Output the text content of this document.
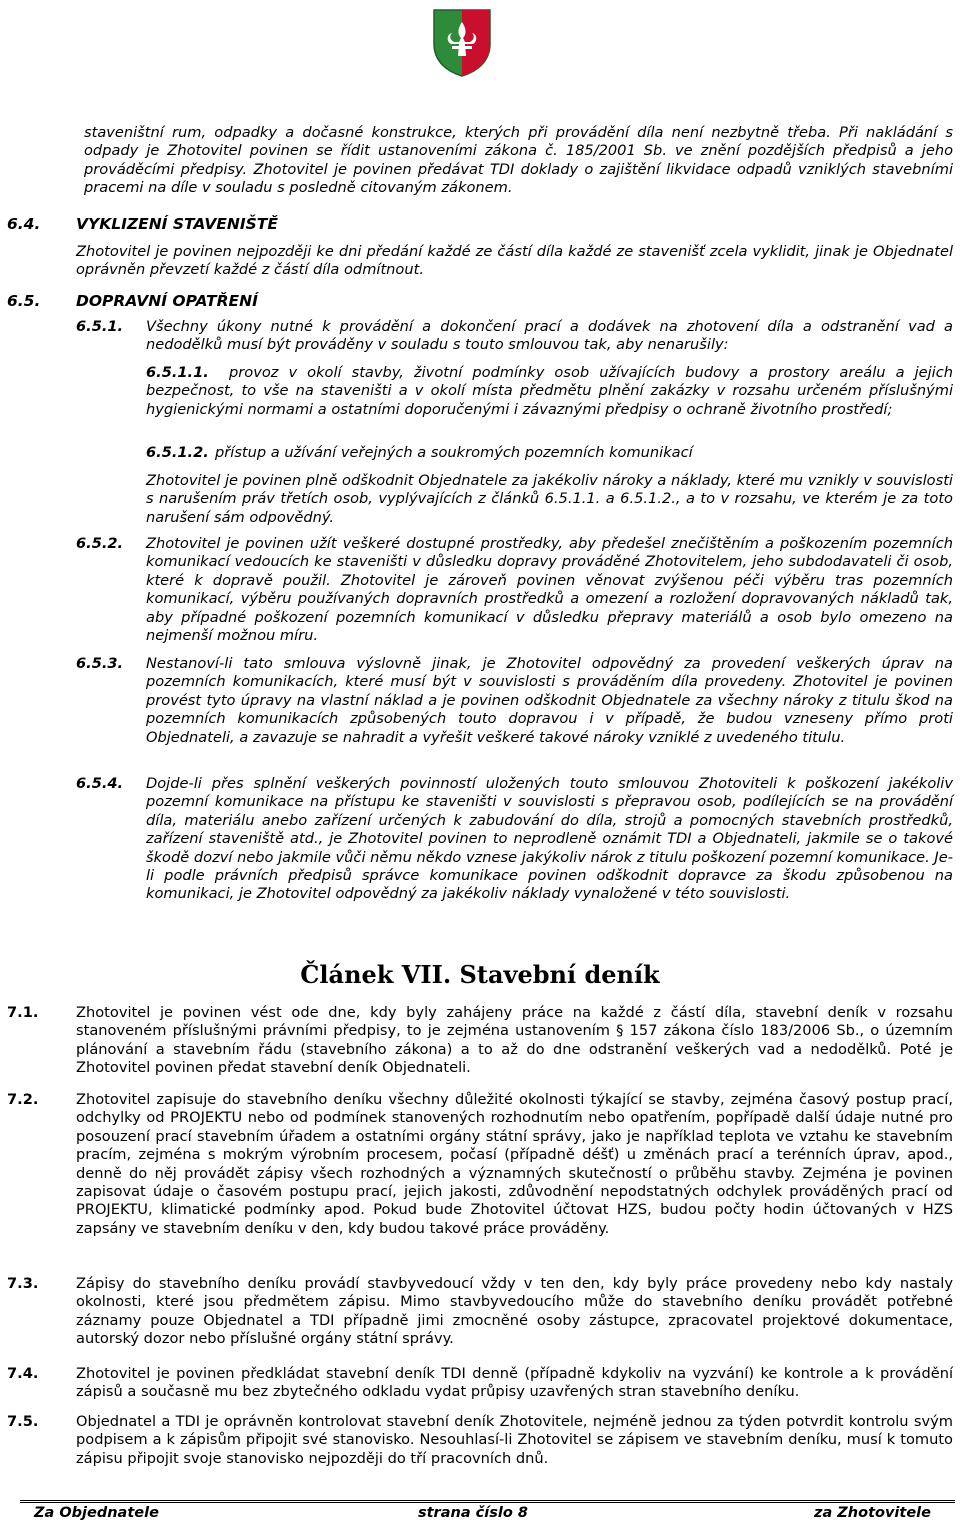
staveništní rum, odpadky a dočasné konstrukce, kterých při provádění díla není nezbytně třeba. Při nakládání s odpady je Zhotovitel povinen se řídit ustanoveními zákona č. 185/2001 Sb. ve znění pozdějších předpisů a jeho prováděcími předpisy. Zhotovitel je povinen předávat TDI doklady o zajištění likvidace odpadů vzniklých stavebními pracemi na díle v souladu s posledně citovaným zákonem.
6.4. VYKLIZENÍ STAVENIŠTĚ
Zhotovitel je povinen nejpozději ke dni předání každé ze částí díla každé ze stavenišť zcela vyklidit, jinak je Objednatel oprávněn převzetí každé z částí díla odmítnout.
6.5. DOPRAVNÍ OPATŘENÍ
6.5.1. Všechny úkony nutné k provádění a dokončení prací a dodávek na zhotovení díla a odstranění vad a nedodělků musí být prováděny v souladu s touto smlouvou tak, aby nenarušily:
6.5.1.1.	provoz v okolí stavby, životní podmínky osob užívajících budovy a prostory areálu a jejich bezpečnost, to vše na staveništi a v okolí místa předmětu plnění zakázky v rozsahu určeném příslušnými hygienickými normami a ostatními doporučenými i závaznými předpisy o ochraně životního prostředí;
6.5.1.2. přístup a užívání veřejných a soukromých pozemních komunikací
Zhotovitel je povinen plně odškodnit Objednatele za jakékoliv nároky a náklady, které mu vznikly v souvislosti s narušením práv třetích osob, vyplývajících z článků 6.5.1.1. a 6.5.1.2., a to v rozsahu, ve kterém je za toto narušení sám odpovědný.
6.5.2. Zhotovitel je povinen užít veškeré dostupné prostředky, aby předešel znečištěním a poškozením pozemních komunikací vedoucích ke staveništi v důsledku dopravy prováděné Zhotovitelem, jeho subdodavateli či osob, které k dopravě použil. Zhotovitel je zároveň povinen věnovat zvýšenou péči výběru tras pozemních komunikací, výběru používaných dopravních prostředků a omezení a rozložení dopravovaných nákladů tak, aby případné poškození pozemních komunikací v důsledku přepravy materiálů a osob bylo omezeno na nejmenší možnou míru.
6.5.3. Nestanoví-li tato smlouva výslovně jinak, je Zhotovitel odpovědný za provedení veškerých úprav na pozemních komunikacích, které musí být v souvislosti s prováděním díla provedeny. Zhotovitel je povinen provést tyto úpravy na vlastní náklad a je povinen odškodnit Objednatele za všechny nároky z titulu škod na pozemních komunikacích způsobených touto dopravou i v případě, že budou vzneseny přímo proti Objednateli, a zavazuje se nahradit a vyřešit veškeré takové nároky vzniklé z uvedeného titulu.
6.5.4. Dojde-li přes splnění veškerých povinností uložených touto smlouvou Zhotoviteli k poškození jakékoliv pozemní komunikace na přístupu ke staveništi v souvislosti s přepravou osob, podílejících se na provádění díla, materiálu anebo zařízení určených k zabudování do díla, strojů a pomocných stavebních prostředků, zařízení staveniště atd., je Zhotovitel povinen to neprodleně oznámit TDI a Objednateli, jakmile se o takové škodě dozví nebo jakmile vůči němu někdo vznese jakýkoliv nárok z titulu poškození pozemní komunikace. Je-li podle právních předpisů správce komunikace povinen odškodnit dopravce za škodu způsobenou na komunikaci, je Zhotovitel odpovědný za jakékoliv náklady vynaložené v této souvislosti.
Článek VII. Stavební deník
7.1.	Zhotovitel je povinen vést ode dne, kdy byly zahájeny práce na každé z částí díla, stavební deník v rozsahu stanoveném příslušnými právními předpisy, to je zejména ustanovením § 157 zákona číslo 183/2006 Sb., o územním plánování a stavebním řádu (stavebního zákona) a to až do dne odstranění veškerých vad a nedodělků. Poté je Zhotovitel povinen předat stavební deník Objednateli.
7.2.	Zhotovitel zapisuje do stavebního deníku všechny důležité okolnosti týkající se stavby, zejména časový postup prací, odchylky od PROJEKTU nebo od podmínek stanovených rozhodnutím nebo opatřením, popřípadě další údaje nutné pro posouzení prací stavebním úřadem a ostatními orgány státní správy, jako je například teplota ve vztahu ke stavebním pracím, zejména s mokrým výrobním procesem, počasí (případně déšť) u změnách prací a terénních úprav, apod., denně do něj provádět zápisy všech rozhodných a významných skutečností o průběhu stavby. Zejména je povinen zapisovat údaje o časovém postupu prací, jejich jakosti, zdůvodnění nepodstatných odchylek prováděných prací od PROJEKTU, klimatické podmínky apod. Pokud bude Zhotovitel účtovat HZS, budou počty hodin účtovaných v HZS zapsány ve stavebním deníku v den, kdy budou takové práce prováděny.
7.3.	Zápisy do stavebního deníku provádí stavbyvedoucí vždy v ten den, kdy byly práce provedeny nebo kdy nastaly okolnosti, které jsou předmětem zápisu. Mimo stavbyvedoucího může do stavebního deníku provádět potřebné záznamy pouze Objednatel a TDI případně jimi zmocněné osoby zástupce, zpracovatel projektové dokumentace, autorský dozor nebo příslušné orgány státní správy.
7.4.	Zhotovitel je povinen předkládat stavební deník TDI denně (případně kdykoliv na vyzvání) ke kontrole a k provádění zápisů a současně mu bez zbytečného odkladu vydat průpisy uzavřených stran stavebního deníku.
7.5.	Objednatel a TDI je oprávněn kontrolovat stavební deník Zhotovitele, nejméně jednou za týden potvrdit kontrolu svým podpisem a k zápisům připojit své stanovisko. Nesouhlasí-li Zhotovitel se zápisem ve stavebním deníku, musí k tomuto zápisu připojit svoje stanovisko nejpozději do tří pracovních dnů.
Za Objednatele	strana číslo 8	za Zhotovitele
